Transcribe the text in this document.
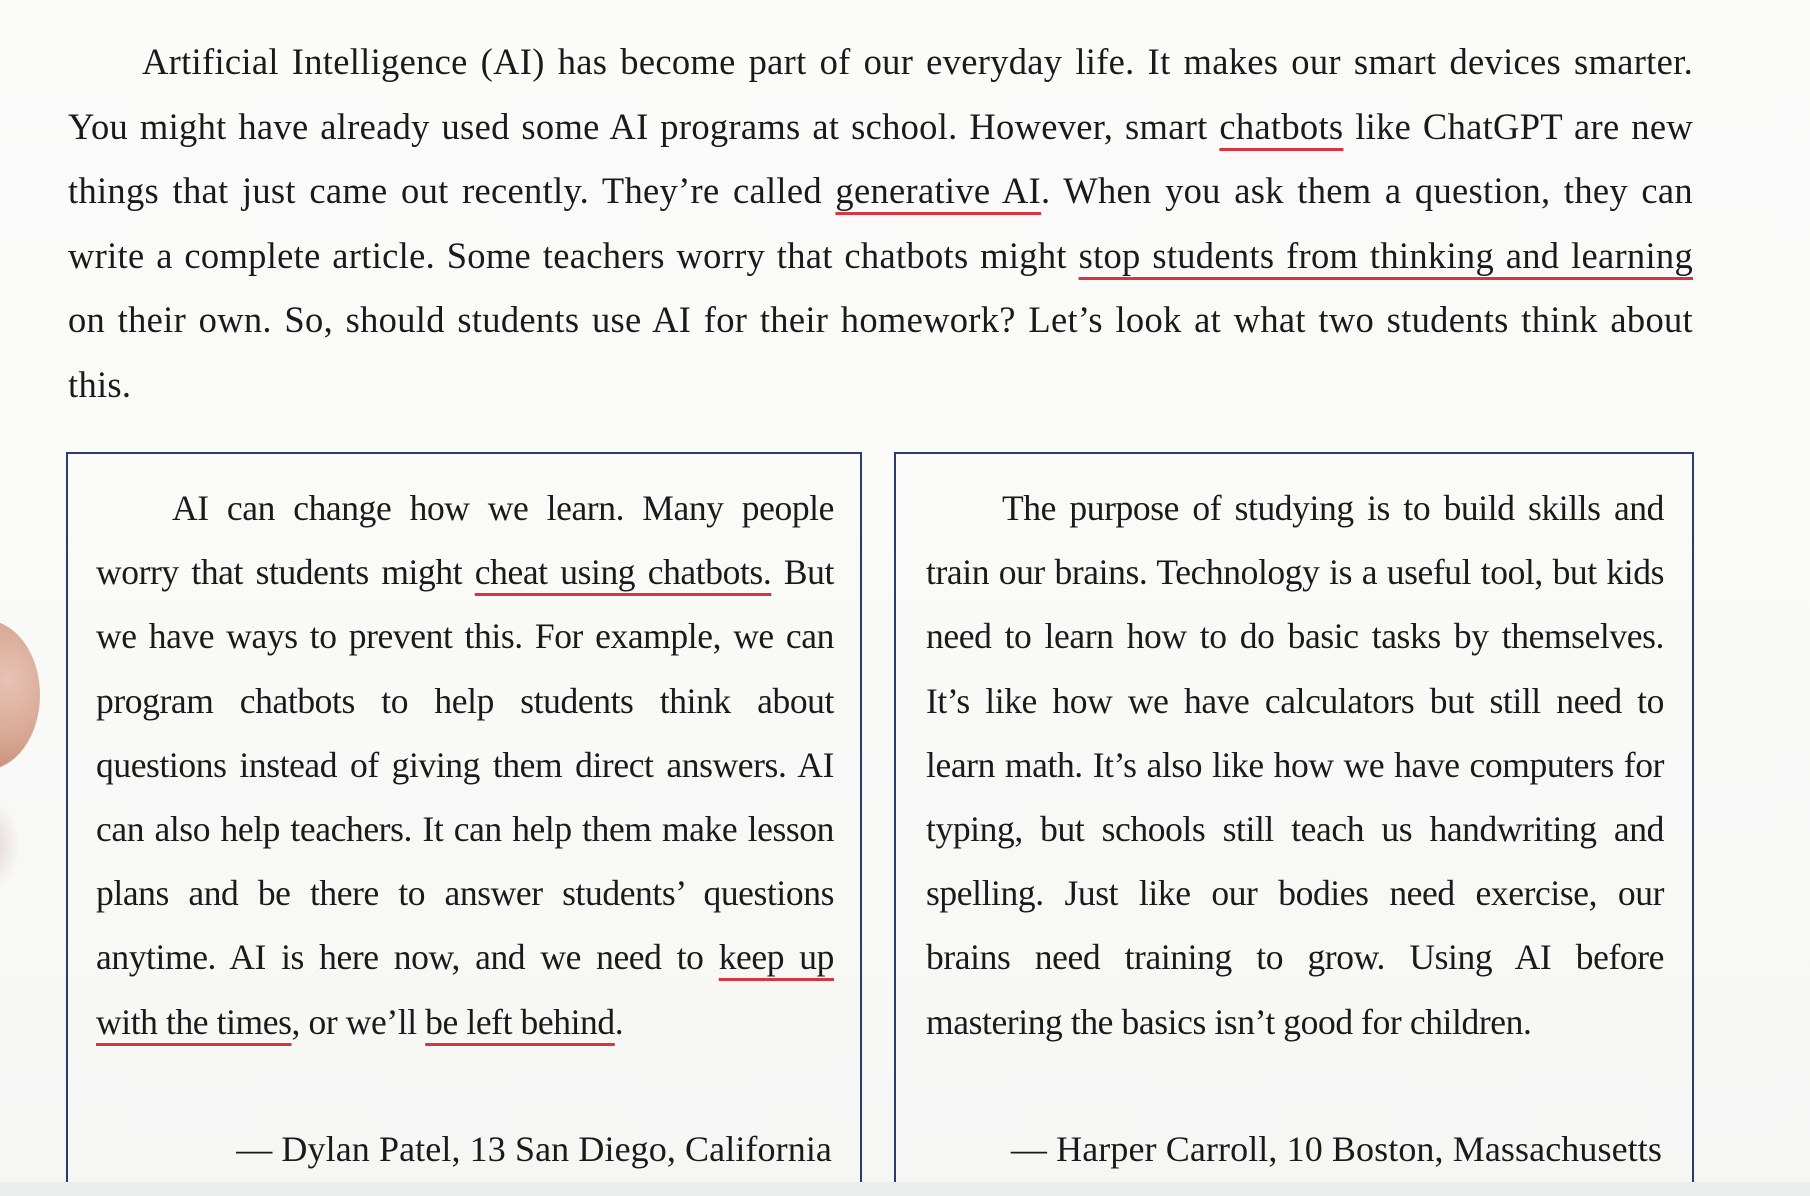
Artificial Intelligence (AI) has become part of our everyday life. It makes our smart devices smarter. You might have already used some AI programs at school. However, smart chatbots like ChatGPT are new things that just came out recently. They’re called generative AI. When you ask them a question, they can write a complete article. Some teachers worry that chatbots might stop students from thinking and learning on their own. So, should students use AI for their homework? Let’s look at what two students think about this.

AI can change how we learn. Many people worry that students might cheat using chatbots. But we have ways to prevent this. For example, we can program chatbots to help students think about questions instead of giving them direct answers. AI can also help teachers. It can help them make lesson plans and be there to answer students’ questions anytime. AI is here now, and we need to keep up with the times, or we’ll be left behind.

— Dylan Patel, 13 San Diego, California

The purpose of studying is to build skills and train our brains. Technology is a useful tool, but kids need to learn how to do basic tasks by themselves. It’s like how we have calculators but still need to learn math. It’s also like how we have computers for typing, but schools still teach us handwriting and spelling. Just like our bodies need exercise, our brains need training to grow. Using AI before mastering the basics isn’t good for children.

— Harper Carroll, 10 Boston, Massachusetts
